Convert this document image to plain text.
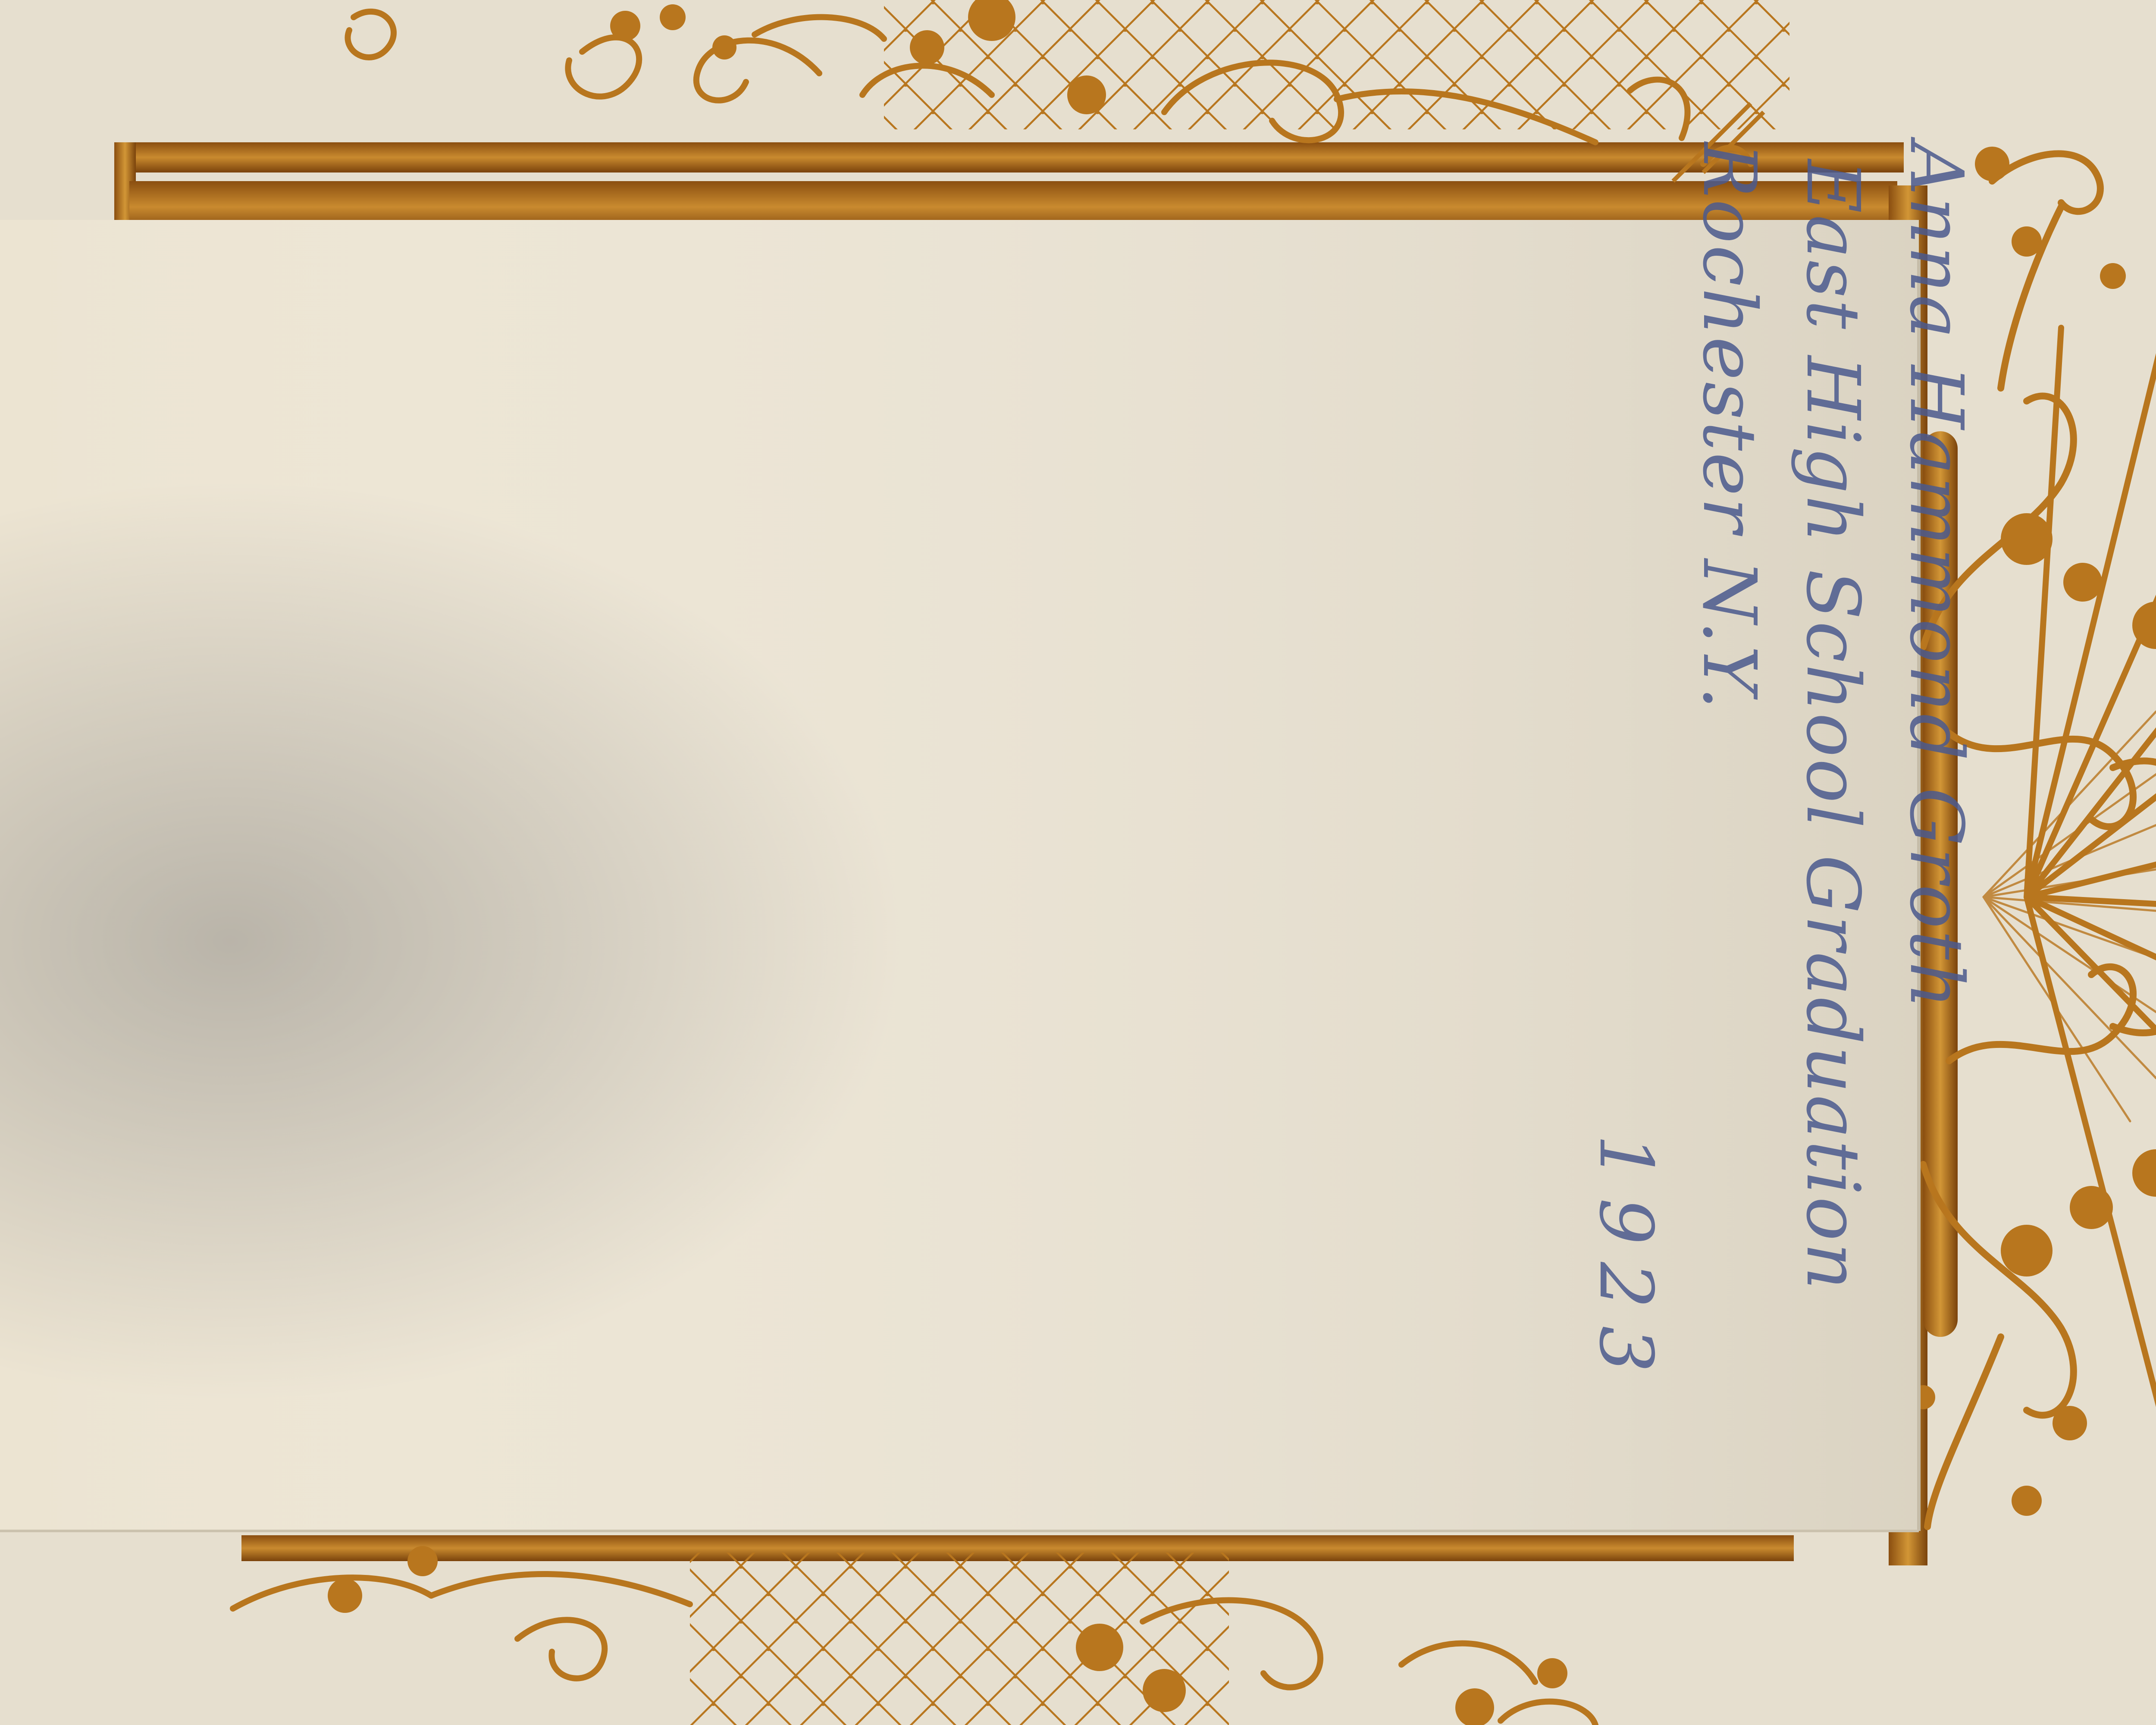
Anna Hammond Groth
East High School Graduation
Rochester N.Y.
1923
